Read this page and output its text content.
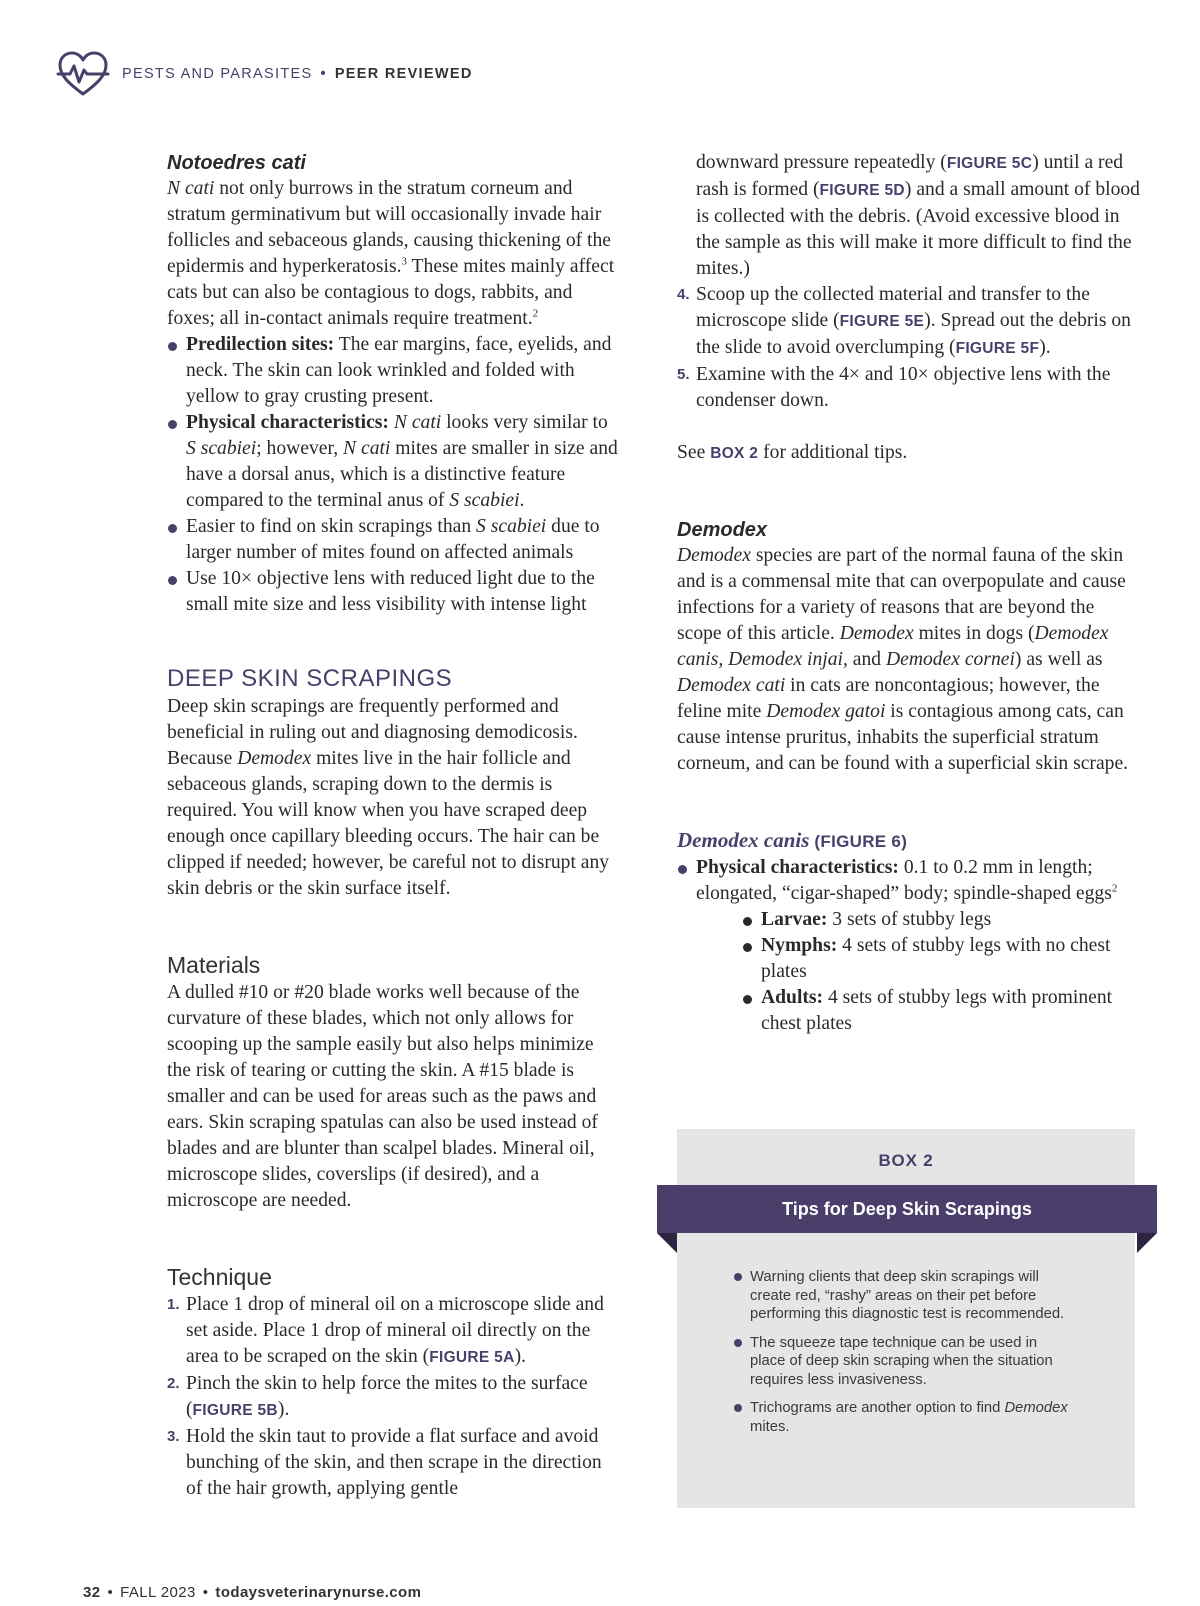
PESTS AND PARASITES • PEER REVIEWED
Notoedres cati

N cati not only burrows in the stratum corneum and stratum germinativum but will occasionally invade hair follicles and sebaceous glands, causing thickening of the epidermis and hyperkeratosis.$^3$ These mites mainly affect cats but can also be contagious to dogs, rabbits, and foxes; all in-contact animals require treatment.$^2$

Predilection sites: The ear margins, face, eyelids, and neck. The skin can look wrinkled and folded with yellow to gray crusting present.
Physical characteristics: N cati looks very similar to S scabiei; however, N cati mites are smaller in size and have a dorsal anus, which is a distinctive feature compared to the terminal anus of S scabiei.
Easier to find on skin scrapings than S scabiei due to larger number of mites found on affected animals
Use 10× objective lens with reduced light due to the small mite size and less visibility with intense light
DEEP SKIN SCRAPINGS

Deep skin scrapings are frequently performed and beneficial in ruling out and diagnosing demodicosis. Because Demodex mites live in the hair follicle and sebaceous glands, scraping down to the dermis is required. You will know when you have scraped deep enough once capillary bleeding occurs. The hair can be clipped if needed; however, be careful not to disrupt any skin debris or the skin surface itself.

Materials

A dulled #10 or #20 blade works well because of the curvature of these blades, which not only allows for scooping up the sample easily but also helps minimize the risk of tearing or cutting the skin. A #15 blade is smaller and can be used for areas such as the paws and ears. Skin scraping spatulas can also be used instead of blades and are blunter than scalpel blades. Mineral oil, microscope slides, coverslips (if desired), and a microscope are needed.

Technique
1. Place 1 drop of mineral oil on a microscope slide and set aside. Place 1 drop of mineral oil directly on the area to be scraped on the skin (FIGURE 5A).
2. Pinch the skin to help force the mites to the surface (FIGURE 5B).
3. Hold the skin taut to provide a flat surface and avoid bunching of the skin, and then scrape in the direction of the hair growth, applying gentle
downward pressure repeatedly (FIGURE 5C) until a red rash is formed (FIGURE 5D) and a small amount of blood is collected with the debris. (Avoid excessive blood in the sample as this will make it more difficult to find the mites.)
4. Scoop up the collected material and transfer to the microscope slide (FIGURE 5E). Spread out the debris on the slide to avoid overclumping (FIGURE 5F).
5. Examine with the 4× and 10× objective lens with the condenser down.

See BOX 2 for additional tips.

Demodex

Demodex species are part of the normal fauna of the skin and is a commensal mite that can overpopulate and cause infections for a variety of reasons that are beyond the scope of this article. Demodex mites in dogs (Demodex canis, Demodex injai, and Demodex cornei) as well as Demodex cati in cats are noncontagious; however, the feline mite Demodex gatoi is contagious among cats, can cause intense pruritus, inhabits the superficial stratum corneum, and can be found with a superficial skin scrape.

Demodex canis (FIGURE 6)
Physical characteristics: 0.1 to 0.2 mm in length; elongated, “cigar-shaped” body; spindle-shaped eggs$^2$
Larvae: 3 sets of stubby legs
Nymphs: 4 sets of stubby legs with no chest plates
Adults: 4 sets of stubby legs with prominent chest plates
BOX 2
Tips for Deep Skin Scrapings
Warning clients that deep skin scrapings will create red, “rashy” areas on their pet before performing this diagnostic test is recommended.
The squeeze tape technique can be used in place of deep skin scraping when the situation requires less invasiveness.
Trichograms are another option to find Demodex mites.
32 • FALL 2023 • todaysveterinarynurse.com
